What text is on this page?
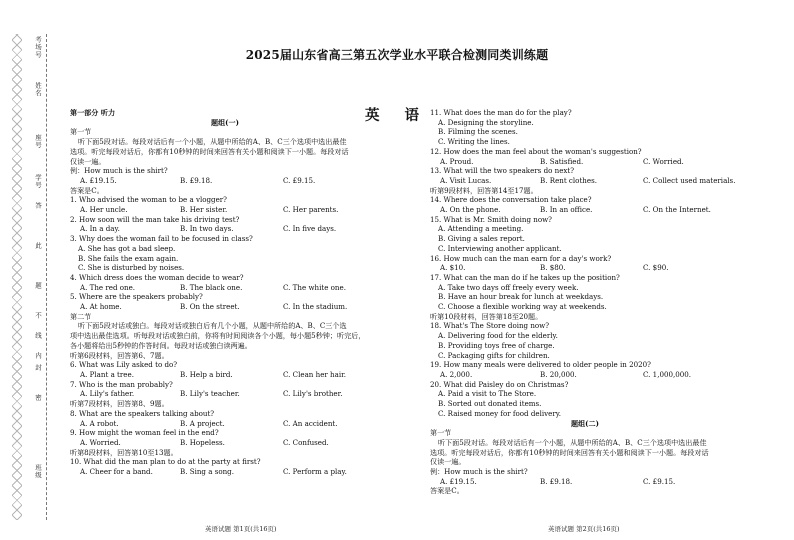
考场号
学号
答
此
题
不
内
线
封
密
班级
姓名
座号
2025届山东省高三第五次学业水平联合检测同类训练题
英 语
第一部分 听力
题组(一)
第一节
听下面5段对话。每段对话后有一个小题，从题中所给的A、B、C三个选项中选出最佳
选项。听完每段对话后，你都有10秒钟的时间来回答有关小题和阅读下一小题。每段对话
仅读一遍。
例：How much is the shirt?
A. £19.15.	B. £9.18.	C. £9.15.
答案是C。
1. Who advised the woman to be a vlogger?
A. Her uncle.	B. Her sister.	C. Her parents.
2. How soon will the man take his driving test?
A. In a day.	B. In two days.	C. In five days.
3. Why does the woman fail to be focused in class?
A. She has got a bad sleep.
B. She fails the exam again.
C. She is disturbed by noises.
4. Which dress does the woman decide to wear?
A. The red one.	B. The black one.	C. The white one.
5. Where are the speakers probably?
A. At home.	B. On the street.	C. In the stadium.
第二节
听下面5段对话或独白。每段对话或独白后有几个小题，从题中所给的A、B、C三个选
项中选出最佳选项。听每段对话或独白前，你将有时间阅读各个小题，每小题5秒钟；听完后，
各小题将给出5秒钟的作答时间。每段对话或独白读两遍。
听第6段材料，回答第6、7题。
6. What was Lily asked to do?
A. Plant a tree.	B. Help a bird.	C. Clean her hair.
7. Who is the man probably?
A. Lily's father.	B. Lily's teacher.	C. Lily's brother.
听第7段材料，回答第8、9题。
8. What are the speakers talking about?
A. A robot.	B. A project.	C. An accident.
9. How might the woman feel in the end?
A. Worried.	B. Hopeless.	C. Confused.
听第8段材料，回答第10至13题。
10. What did the man plan to do at the party at first?
A. Cheer for a band.	B. Sing a song.	C. Perform a play.
11. What does the man do for the play?
A. Designing the storyline.
B. Filming the scenes.
C. Writing the lines.
12. How does the man feel about the woman's suggestion?
A. Proud.	B. Satisfied.	C. Worried.
13. What will the two speakers do next?
A. Visit Lucas.	B. Rent clothes.	C. Collect used materials.
听第9段材料，回答第14至17题。
14. Where does the conversation take place?
A. On the phone.	B. In an office.	C. On the Internet.
15. What is Mr. Smith doing now?
A. Attending a meeting.
B. Giving a sales report.
C. Interviewing another applicant.
16. How much can the man earn for a day's work?
A. $10.	B. $80.	C. $90.
17. What can the man do if he takes up the position?
A. Take two days off freely every week.
B. Have an hour break for lunch at weekdays.
C. Choose a flexible working way at weekends.
听第10段材料，回答第18至20题。
18. What's The Store doing now?
A. Delivering food for the elderly.
B. Providing toys free of charge.
C. Packaging gifts for children.
19. How many meals were delivered to older people in 2020?
A. 2,000.	B. 20,000.	C. 1,000,000.
20. What did Paisley do on Christmas?
A. Paid a visit to The Store.
B. Sorted out donated items.
C. Raised money for food delivery.
题组(二)
第一节
听下面5段对话。每段对话后有一个小题，从题中所给的A、B、C三个选项中选出最佳
选项。听完每段对话后，你都有10秒钟的时间来回答有关小题和阅读下一小题。每段对话
仅读一遍。
例：How much is the shirt?
A. £19.15.	B. £9.18.	C. £9.15.
答案是C。
英语试题 第1页(共16页)	英语试题 第2页(共16页)
